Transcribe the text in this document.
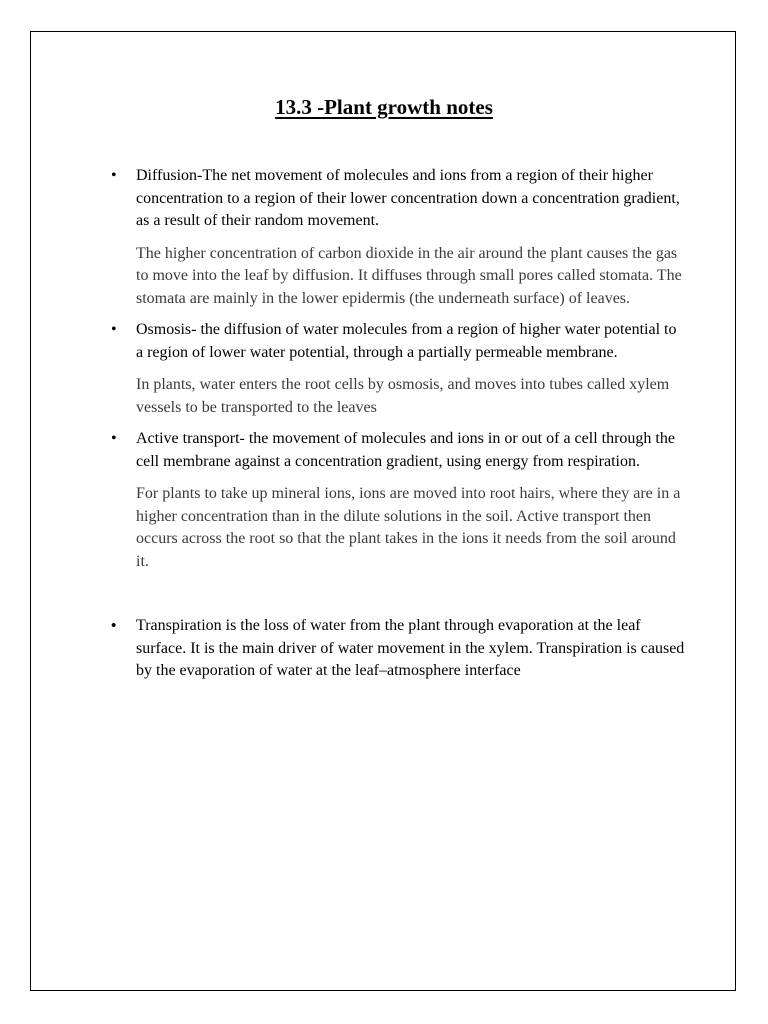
13.3 -Plant growth notes
• Diffusion-The net movement of molecules and ions from a region of their higher concentration to a region of their lower concentration down a concentration gradient, as a result of their random movement.

The higher concentration of carbon dioxide in the air around the plant causes the gas to move into the leaf by diffusion. It diffuses through small pores called stomata. The stomata are mainly in the lower epidermis (the underneath surface) of leaves.

• Osmosis- the diffusion of water molecules from a region of higher water potential to a region of lower water potential, through a partially permeable membrane.

In plants, water enters the root cells by osmosis, and moves into tubes called xylem vessels to be transported to the leaves

• Active transport- the movement of molecules and ions in or out of a cell through the cell membrane against a concentration gradient, using energy from respiration.

For plants to take up mineral ions, ions are moved into root hairs, where they are in a higher concentration than in the dilute solutions in the soil. Active transport then occurs across the root so that the plant takes in the ions it needs from the soil around it.

• Transpiration is the loss of water from the plant through evaporation at the leaf surface. It is the main driver of water movement in the xylem. Transpiration is caused by the evaporation of water at the leaf–atmosphere interface
